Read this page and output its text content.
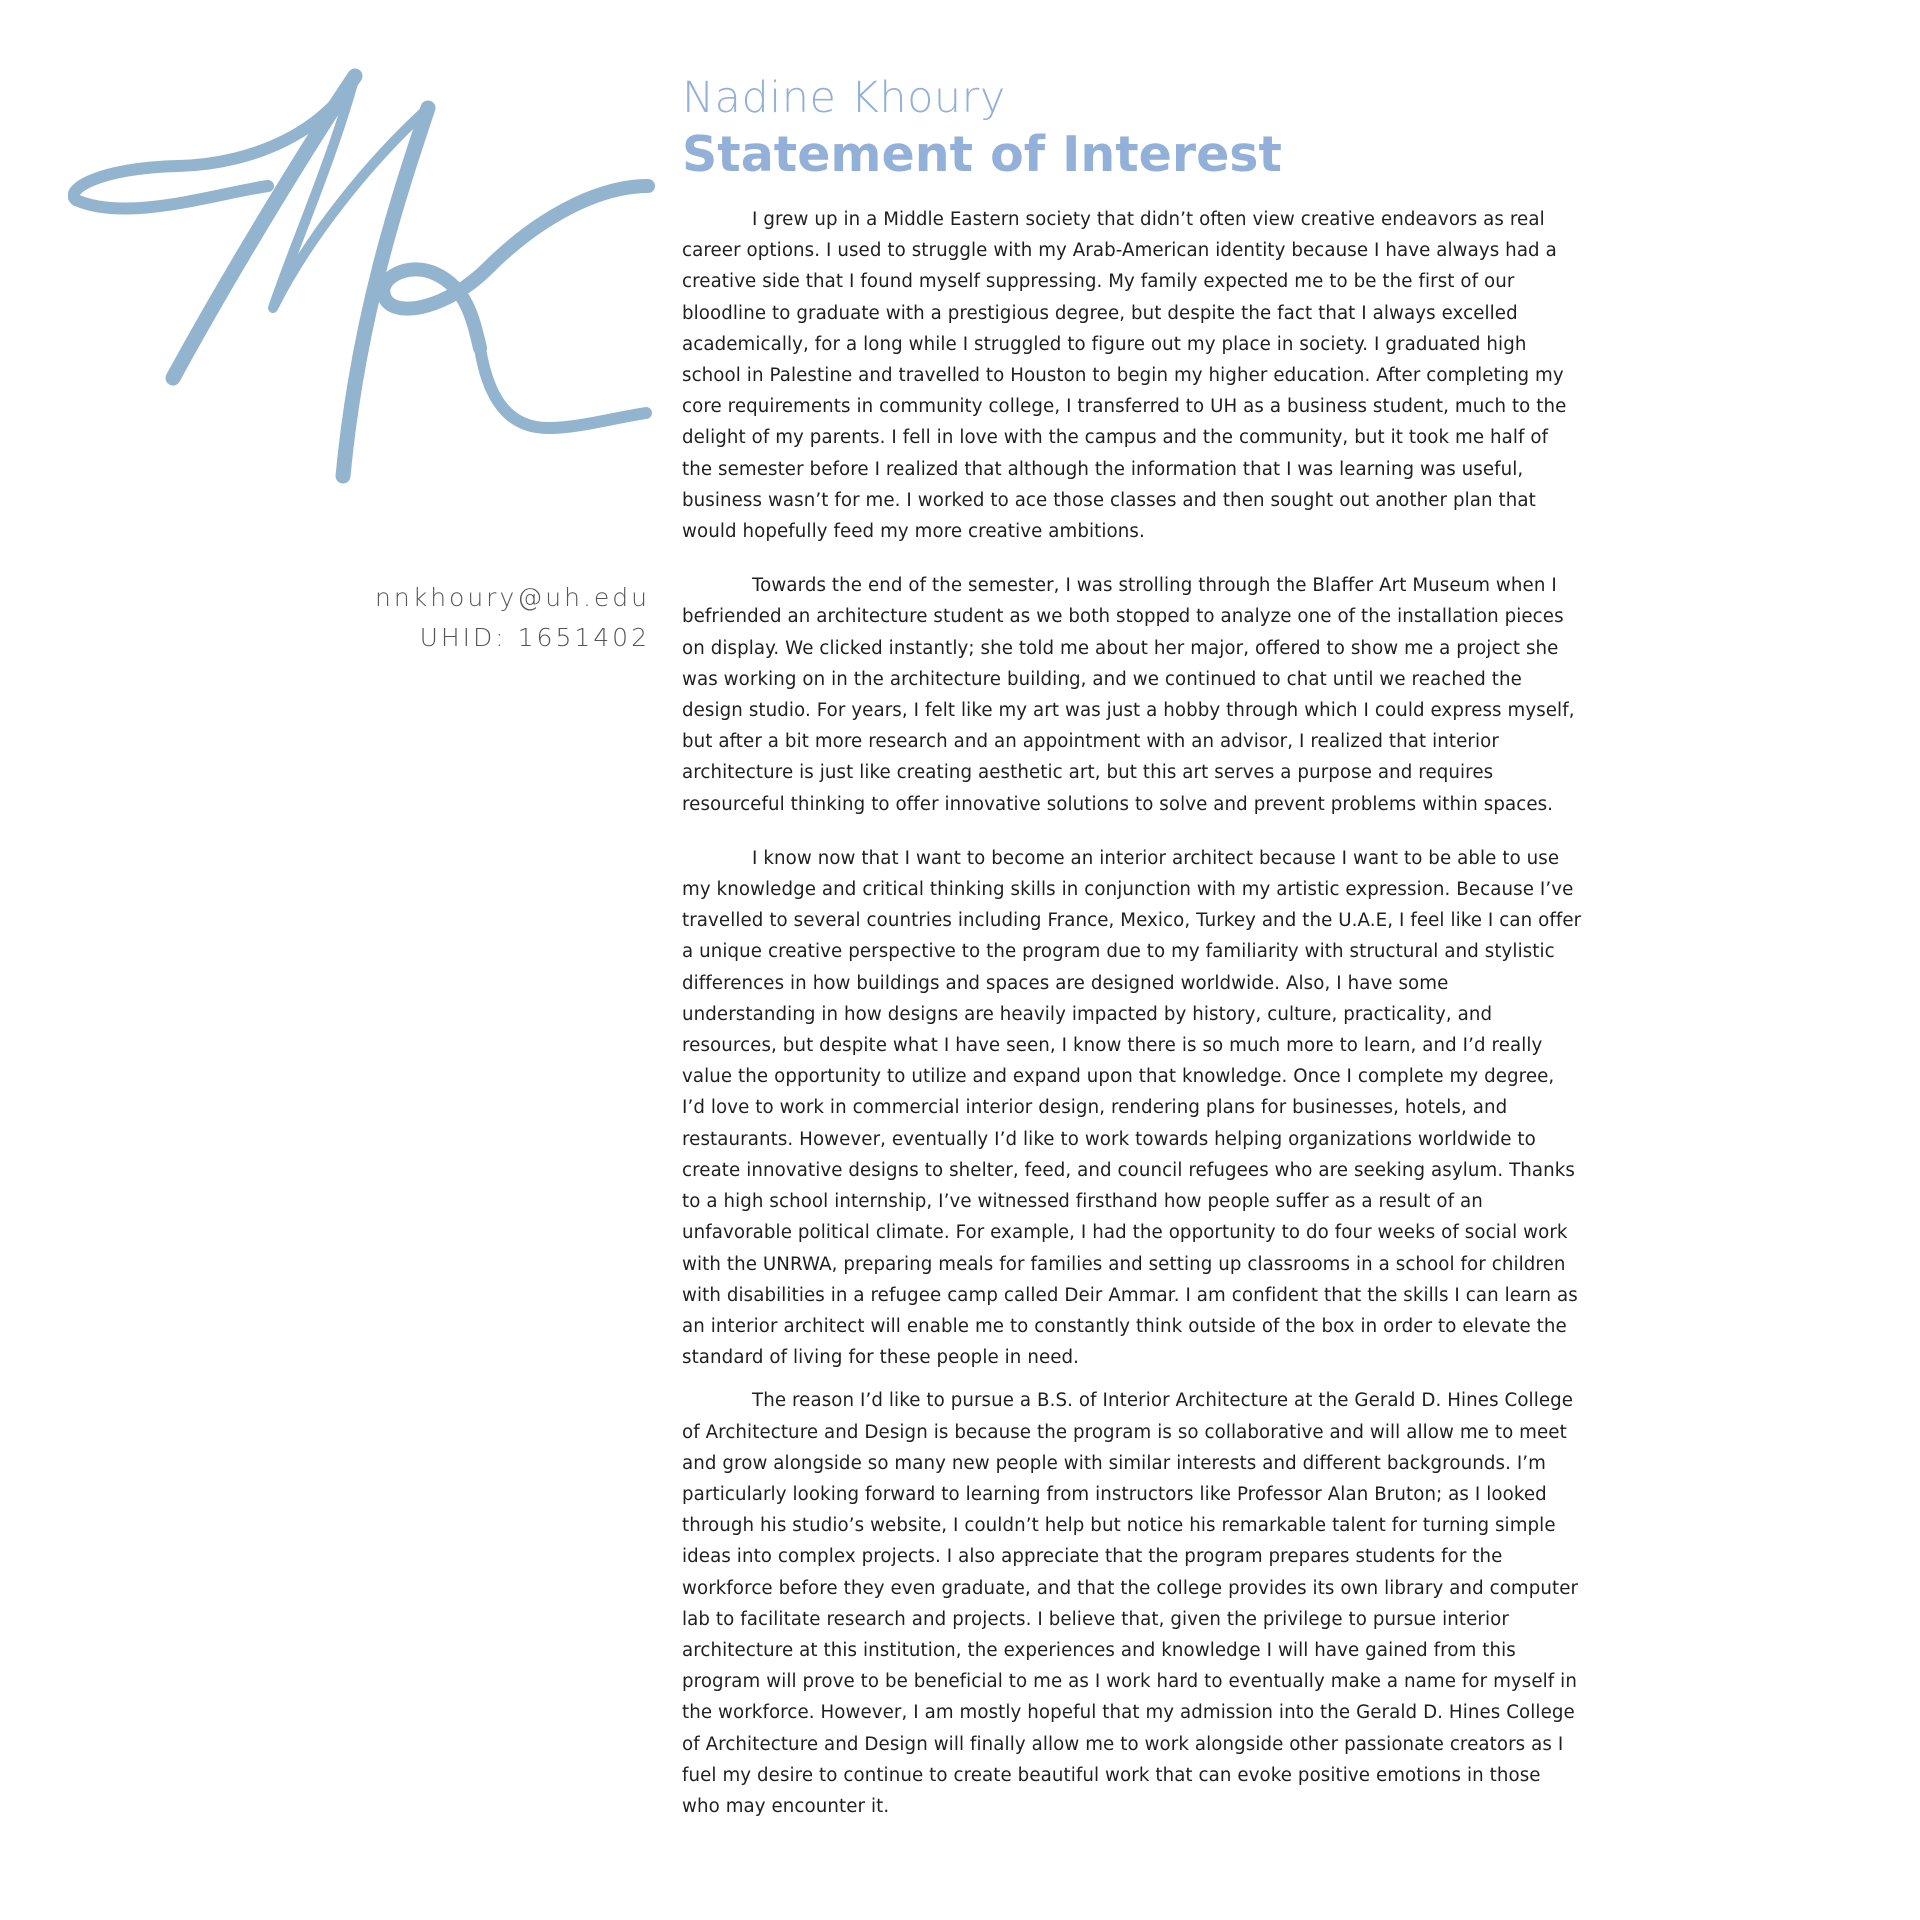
nnkhoury@uh.edu
UHID: 1651402
Nadine Khoury
Statement of Interest

I grew up in a Middle Eastern society that didn’t often view creative endeavors as real career options. I used to struggle with my Arab-American identity because I have always had a creative side that I found myself suppressing. My family expected me to be the first of our bloodline to graduate with a prestigious degree, but despite the fact that I always excelled academically, for a long while I struggled to figure out my place in society. I graduated high school in Palestine and travelled to Houston to begin my higher education. After completing my core requirements in community college, I transferred to UH as a business student, much to the delight of my parents. I fell in love with the campus and the community, but it took me half of the semester before I realized that although the information that I was learning was useful, business wasn’t for me. I worked to ace those classes and then sought out another plan that would hopefully feed my more creative ambitions.

Towards the end of the semester, I was strolling through the Blaffer Art Museum when I befriended an architecture student as we both stopped to analyze one of the installation pieces on display. We clicked instantly; she told me about her major, offered to show me a project she was working on in the architecture building, and we continued to chat until we reached the design studio. For years, I felt like my art was just a hobby through which I could express myself, but after a bit more research and an appointment with an advisor, I realized that interior architecture is just like creating aesthetic art, but this art serves a purpose and requires resourceful thinking to offer innovative solutions to solve and prevent problems within spaces.

I know now that I want to become an interior architect because I want to be able to use my knowledge and critical thinking skills in conjunction with my artistic expression. Because I’ve travelled to several countries including France, Mexico, Turkey and the U.A.E, I feel like I can offer a unique creative perspective to the program due to my familiarity with structural and stylistic differences in how buildings and spaces are designed worldwide. Also, I have some understanding in how designs are heavily impacted by history, culture, practicality, and resources, but despite what I have seen, I know there is so much more to learn, and I’d really value the opportunity to utilize and expand upon that knowledge. Once I complete my degree, I’d love to work in commercial interior design, rendering plans for businesses, hotels, and restaurants. However, eventually I’d like to work towards helping organizations worldwide to create innovative designs to shelter, feed, and council refugees who are seeking asylum. Thanks to a high school internship, I’ve witnessed firsthand how people suffer as a result of an unfavorable political climate. For example, I had the opportunity to do four weeks of social work with the UNRWA, preparing meals for families and setting up classrooms in a school for children with disabilities in a refugee camp called Deir Ammar. I am confident that the skills I can learn as an interior architect will enable me to constantly think outside of the box in order to elevate the standard of living for these people in need.

The reason I’d like to pursue a B.S. of Interior Architecture at the Gerald D. Hines College of Architecture and Design is because the program is so collaborative and will allow me to meet and grow alongside so many new people with similar interests and different backgrounds. I’m particularly looking forward to learning from instructors like Professor Alan Bruton; as I looked through his studio’s website, I couldn’t help but notice his remarkable talent for turning simple ideas into complex projects. I also appreciate that the program prepares students for the workforce before they even graduate, and that the college provides its own library and computer lab to facilitate research and projects. I believe that, given the privilege to pursue interior architecture at this institution, the experiences and knowledge I will have gained from this program will prove to be beneficial to me as I work hard to eventually make a name for myself in the workforce. However, I am mostly hopeful that my admission into the Gerald D. Hines College of Architecture and Design will finally allow me to work alongside other passionate creators as I fuel my desire to continue to create beautiful work that can evoke positive emotions in those who may encounter it.
